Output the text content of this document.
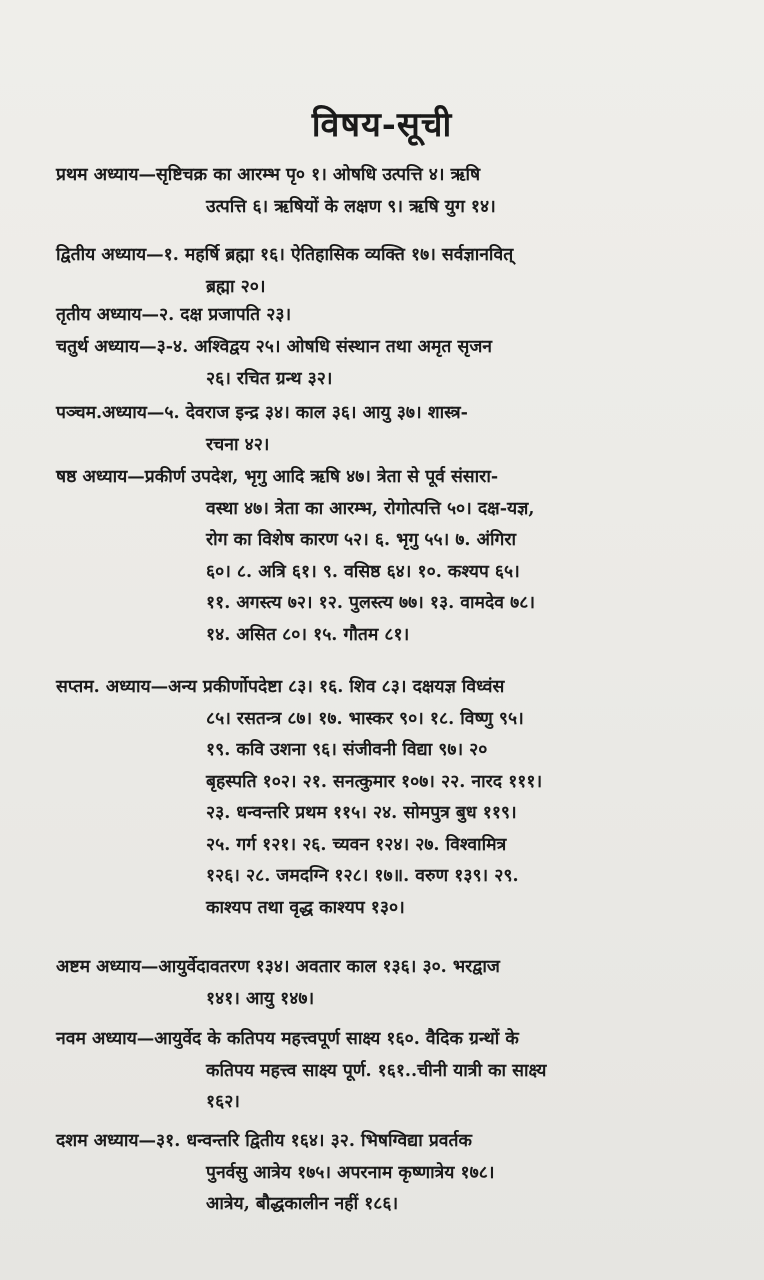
विषय-सूची
प्रथम अध्याय—सृष्टिचक्र का आरम्भ पृ० १। ओषधि उत्पत्ति ४। ऋषि
उत्पत्ति ६। ऋषियों के लक्षण ९। ऋषि युग १४।
द्वितीय अध्याय—१. महर्षि ब्रह्मा १६। ऐतिहासिक व्यक्ति १७। सर्वज्ञानवित्
ब्रह्मा २०।
तृतीय अध्याय—२. दक्ष प्रजापति २३।
चतुर्थ अध्याय—३-४. अश्विद्वय २५। ओषधि संस्थान तथा अमृत सृजन
२६। रचित ग्रन्थ ३२।
पञ्चम.अध्याय—५. देवराज इन्द्र ३४। काल ३६। आयु ३७। शास्त्र-
रचना ४२।
षष्ठ अध्याय—प्रकीर्ण उपदेश, भृगु आदि ऋषि ४७। त्रेता से पूर्व संसारा-
वस्था ४७। त्रेता का आरम्भ, रोगोत्पत्ति ५०। दक्ष-यज्ञ,
रोग का विशेष कारण ५२। ६. भृगु ५५। ७. अंगिरा
६०। ८. अत्रि ६१। ९. वसिष्ठ ६४। १०. कश्यप ६५।
११. अगस्त्य ७२। १२. पुलस्त्य ७७। १३. वामदेव ७८।
१४. असित ८०। १५. गौतम ८१।
सप्तम. अध्याय—अन्य प्रकीर्णोपदेष्टा ८३। १६. शिव ८३। दक्षयज्ञ विध्वंस
८५। रसतन्त्र ८७। १७. भास्कर ९०। १८. विष्णु ९५।
१९. कवि उशना ९६। संजीवनी विद्या ९७। २०
बृहस्पति १०२। २१. सनत्कुमार १०७। २२. नारद १११।
२३. धन्वन्तरि प्रथम ११५। २४. सोमपुत्र बुध ११९।
२५. गर्ग १२१। २६. च्यवन १२४। २७. विश्वामित्र
१२६। २८. जमदग्नि १२८। १७॥. वरुण १३९। २९.
काश्यप तथा वृद्ध काश्यप १३०।
अष्टम अध्याय—आयुर्वेदावतरण १३४। अवतार काल १३६। ३०. भरद्वाज
१४१। आयु १४७।
नवम अध्याय—आयुर्वेद के कतिपय महत्त्वपूर्ण साक्ष्य १६०. वैदिक ग्रन्थों के
कतिपय महत्त्व साक्ष्य पूर्ण. १६१..चीनी यात्री का साक्ष्य
१६२।
दशम अध्याय—३१. धन्वन्तरि द्वितीय १६४। ३२. भिषग्विद्या प्रवर्तक
पुनर्वसु आत्रेय १७५। अपरनाम कृष्णात्रेय १७८।
आत्रेय, बौद्धकालीन नहीं १८६।
